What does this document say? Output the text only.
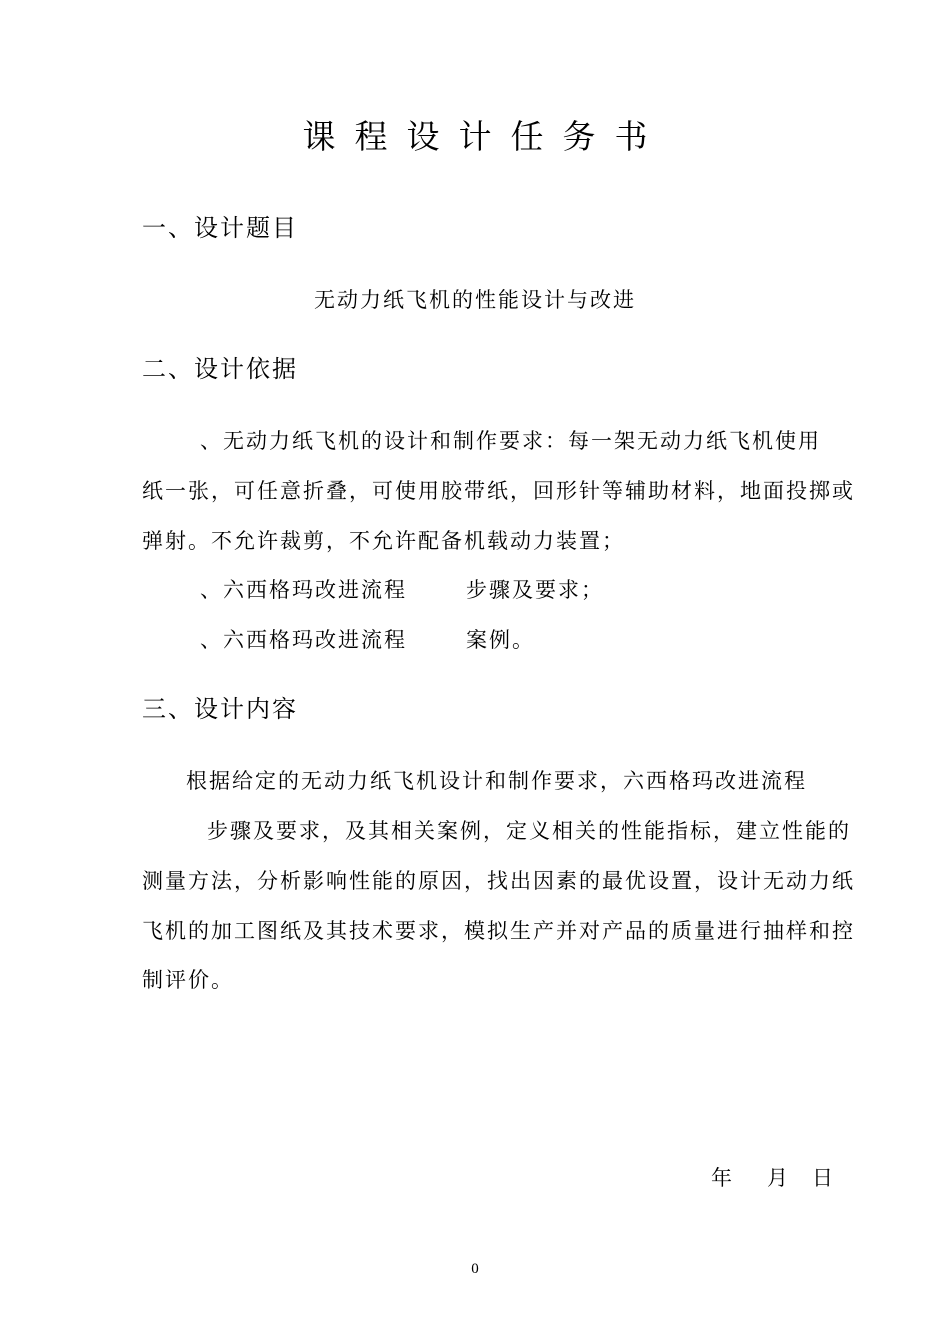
课程设计任务书
一、设计题目
无动力纸飞机的性能设计与改进
二、设计依据
、无动力纸飞机的设计和制作要求：每一架无动力纸飞机使用
纸一张，可任意折叠，可使用胶带纸，回形针等辅助材料，地面投掷或
弹射。不允许裁剪，不允许配备机载动力装置；
、六西格玛改进流程	步骤及要求；
、六西格玛改进流程	案例。
三、设计内容
根据给定的无动力纸飞机设计和制作要求，六西格玛改进流程
步骤及要求，及其相关案例，定义相关的性能指标，建立性能的
测量方法，分析影响性能的原因，找出因素的最优设置，设计无动力纸
飞机的加工图纸及其技术要求，模拟生产并对产品的质量进行抽样和控
制评价。
年 月 日
0
